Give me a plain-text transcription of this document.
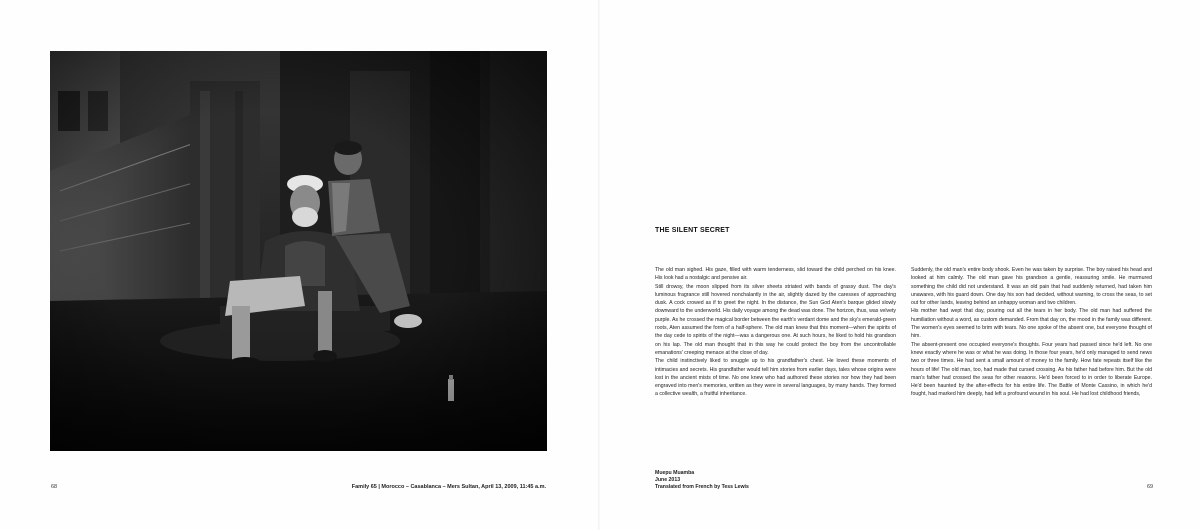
68	Family 65 | Morocco – Casablanca – Mers Sultan, April 13, 2009, 11:45 a.m.
THE SILENT SECRET

The old man sighed. His gaze, filled with warm tenderness, slid toward the child perched on his knee. His look had a nostalgic and pensive air.

Still drowsy, the moon slipped from its silver sheets striated with bands of grassy dust. The day's luminous fragrance still hovered nonchalantly in the air, slightly dazed by the caresses of approaching dusk. A cock crowed as if to greet the night. In the distance, the Sun God Aten's barque glided slowly downward to the underworld. His daily voyage among the dead was done. The horizon, thus, was velvety purple. As he crossed the magical border between the earth's verdant dome and the sky's emerald-green roots, Aten assumed the form of a half-sphere. The old man knew that this moment—when the spirits of the day cede to spirits of the night—was a dangerous one. At such hours, he liked to hold his grandson on his lap. The old man thought that in this way he could protect the boy from the uncontrollable emanations' creeping menace at the close of day.

The child instinctively liked to snuggle up to his grandfather's chest. He loved these moments of intimacies and secrets. His grandfather would tell him stories from earlier days, tales whose origins were lost in the ancient mists of time. No one knew who had authored these stories nor how they had been engraved into men's memories, written as they were in several languages, by many hands. They formed a collective wealth, a fruitful inheritance.

Suddenly, the old man's entire body shook. Even he was taken by surprise. The boy raised his head and looked at him calmly. The old man gave his grandson a gentle, reassuring smile. He murmured something the child did not understand. It was an old pain that had suddenly returned, had taken him unawares, with his guard down. One day his son had decided, without warning, to cross the seas, to set out for other lands, leaving behind an unhappy woman and two children.

His mother had wept that day, pouring out all the tears in her body. The old man had suffered the humiliation without a word, as custom demanded. From that day on, the mood in the family was different. The women's eyes seemed to brim with tears. No one spoke of the absent one, but everyone thought of him.

The absent-present one occupied everyone's thoughts. Four years had passed since he'd left. No one knew exactly where he was or what he was doing. In those four years, he'd only managed to send news two or three times. He had sent a small amount of money to the family. How fate repeats itself like the hours of life! The old man, too, had made that cursed crossing. As his father had before him. But the old man's father had crossed the seas for other reasons. He'd been forced to in order to liberate Europe. He'd been haunted by the after-effects for his entire life. The Battle of Monte Cassino, in which he'd fought, had marked him deeply, had left a profound wound in his soul. He had lost childhood friends,

Muepu Muamba
June 2013
Translated from French by Tess Lewis	69
